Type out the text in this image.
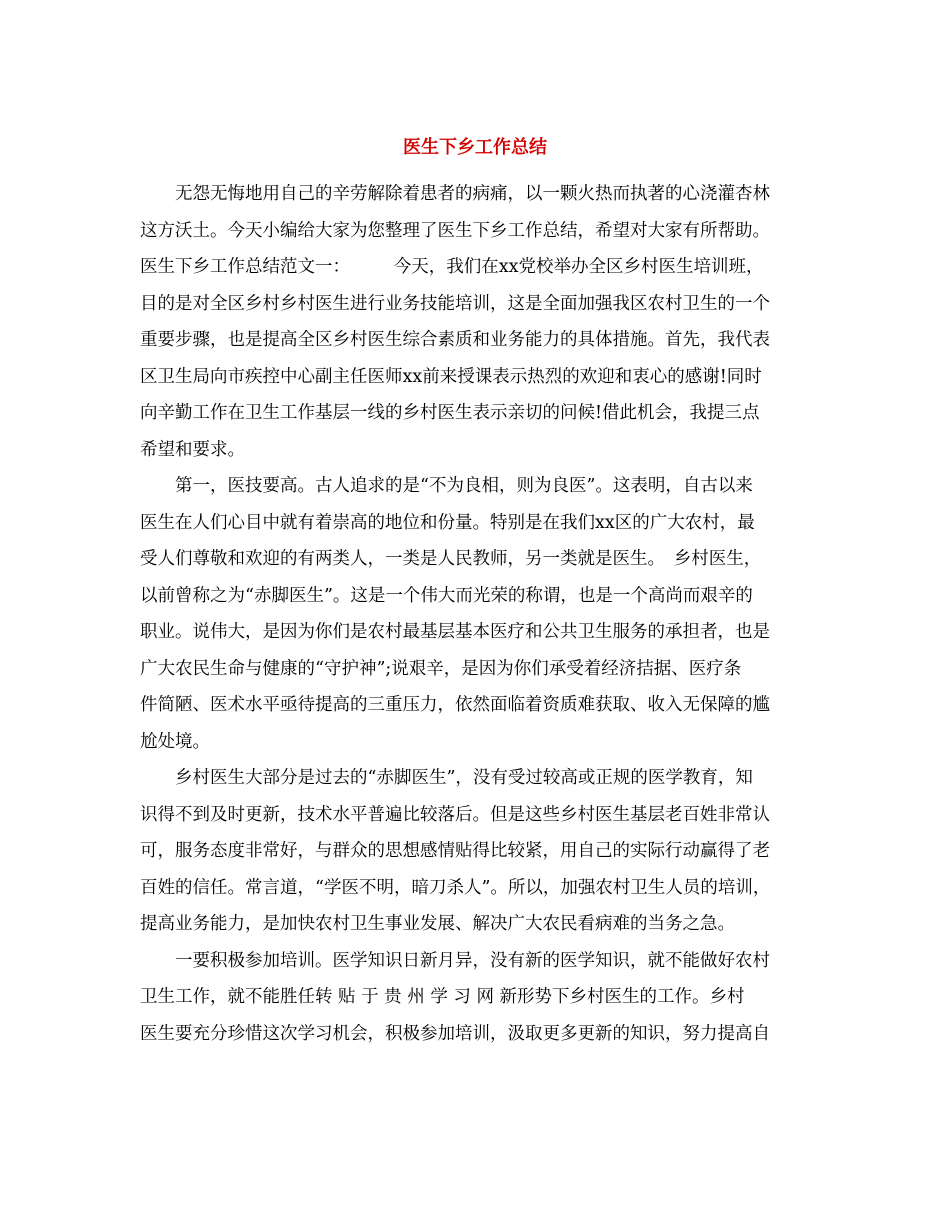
医生下乡工作总结
无怨无悔地用自己的辛劳解除着患者的病痛，以一颗火热而执著的心浇灌杏林
这方沃土。今天小编给大家为您整理了医生下乡工作总结，希望对大家有所帮助。
医生下乡工作总结范文一：　　　今天，我们在xx党校举办全区乡村医生培训班，
目的是对全区乡村乡村医生进行业务技能培训，这是全面加强我区农村卫生的一个
重要步骤，也是提高全区乡村医生综合素质和业务能力的具体措施。首先，我代表
区卫生局向市疾控中心副主任医师xx前来授课表示热烈的欢迎和衷心的感谢!同时
向辛勤工作在卫生工作基层一线的乡村医生表示亲切的问候!借此机会，我提三点
希望和要求。
第一，医技要高。古人追求的是“不为良相，则为良医”。这表明，自古以来
医生在人们心目中就有着崇高的地位和份量。特别是在我们xx区的广大农村，最
受人们尊敬和欢迎的有两类人，一类是人民教师，另一类就是医生。　乡村医生，
以前曾称之为“赤脚医生”。这是一个伟大而光荣的称谓，也是一个高尚而艰辛的
职业。说伟大，是因为你们是农村最基层基本医疗和公共卫生服务的承担者，也是
广大农民生命与健康的“守护神”;说艰辛，是因为你们承受着经济拮据、医疗条
件简陋、医术水平亟待提高的三重压力，依然面临着资质难获取、收入无保障的尴
尬处境。
乡村医生大部分是过去的“赤脚医生”，没有受过较高或正规的医学教育，知
识得不到及时更新，技术水平普遍比较落后。但是这些乡村医生基层老百姓非常认
可，服务态度非常好，与群众的思想感情贴得比较紧，用自己的实际行动赢得了老
百姓的信任。常言道，“学医不明，暗刀杀人”。所以，加强农村卫生人员的培训，
提高业务能力，是加快农村卫生事业发展、解决广大农民看病难的当务之急。
一要积极参加培训。医学知识日新月异，没有新的医学知识，就不能做好农村
卫生工作，就不能胜任转 贴 于 贵 州 学 习 网 新形势下乡村医生的工作。乡村
医生要充分珍惜这次学习机会，积极参加培训，汲取更多更新的知识，努力提高自
